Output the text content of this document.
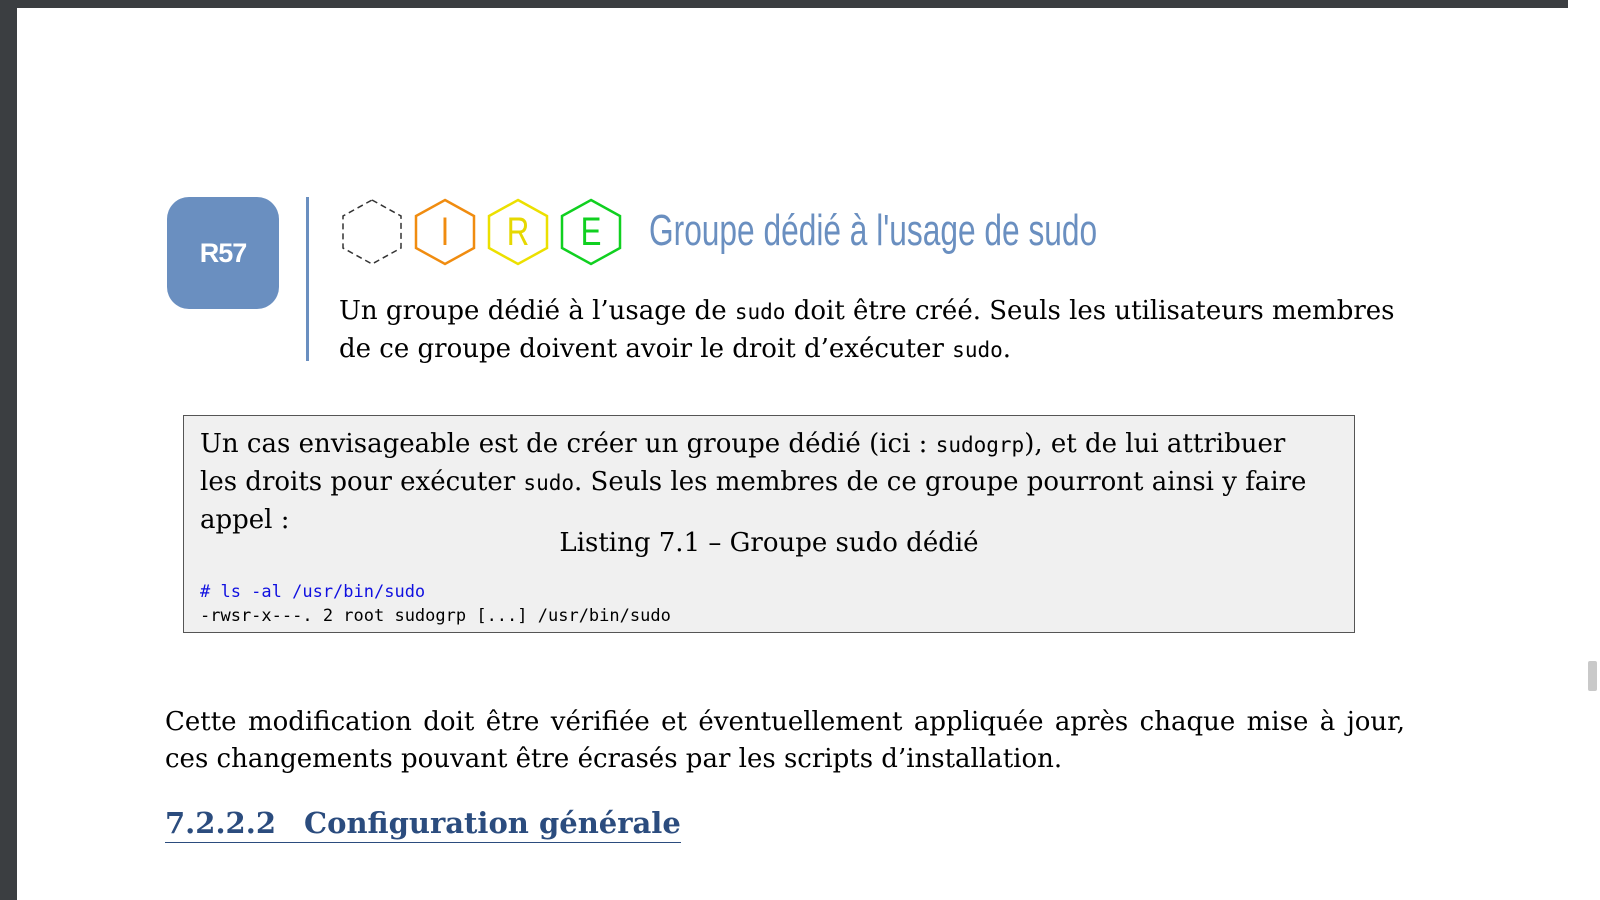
R57	I	R	E	Groupe dédié à l'usage de sudo

Un groupe dédié à l’usage de sudo doit être créé. Seuls les utilisateurs membres de ce groupe doivent avoir le droit d’exécuter sudo.

Un cas envisageable est de créer un groupe dédié (ici : sudogrp), et de lui attribuer les droits pour exécuter sudo. Seuls les membres de ce groupe pourront ainsi y faire appel :

Listing 7.1 – Groupe sudo dédié
# ls -al /usr/bin/sudo
-rwsr-x---. 2 root sudogrp [...] /usr/bin/sudo

Cette modification doit être vérifiée et éventuellement appliquée après chaque mise à jour, ces changements pouvant être écrasés par les scripts d’installation.

7.2.2.2 Configuration générale
